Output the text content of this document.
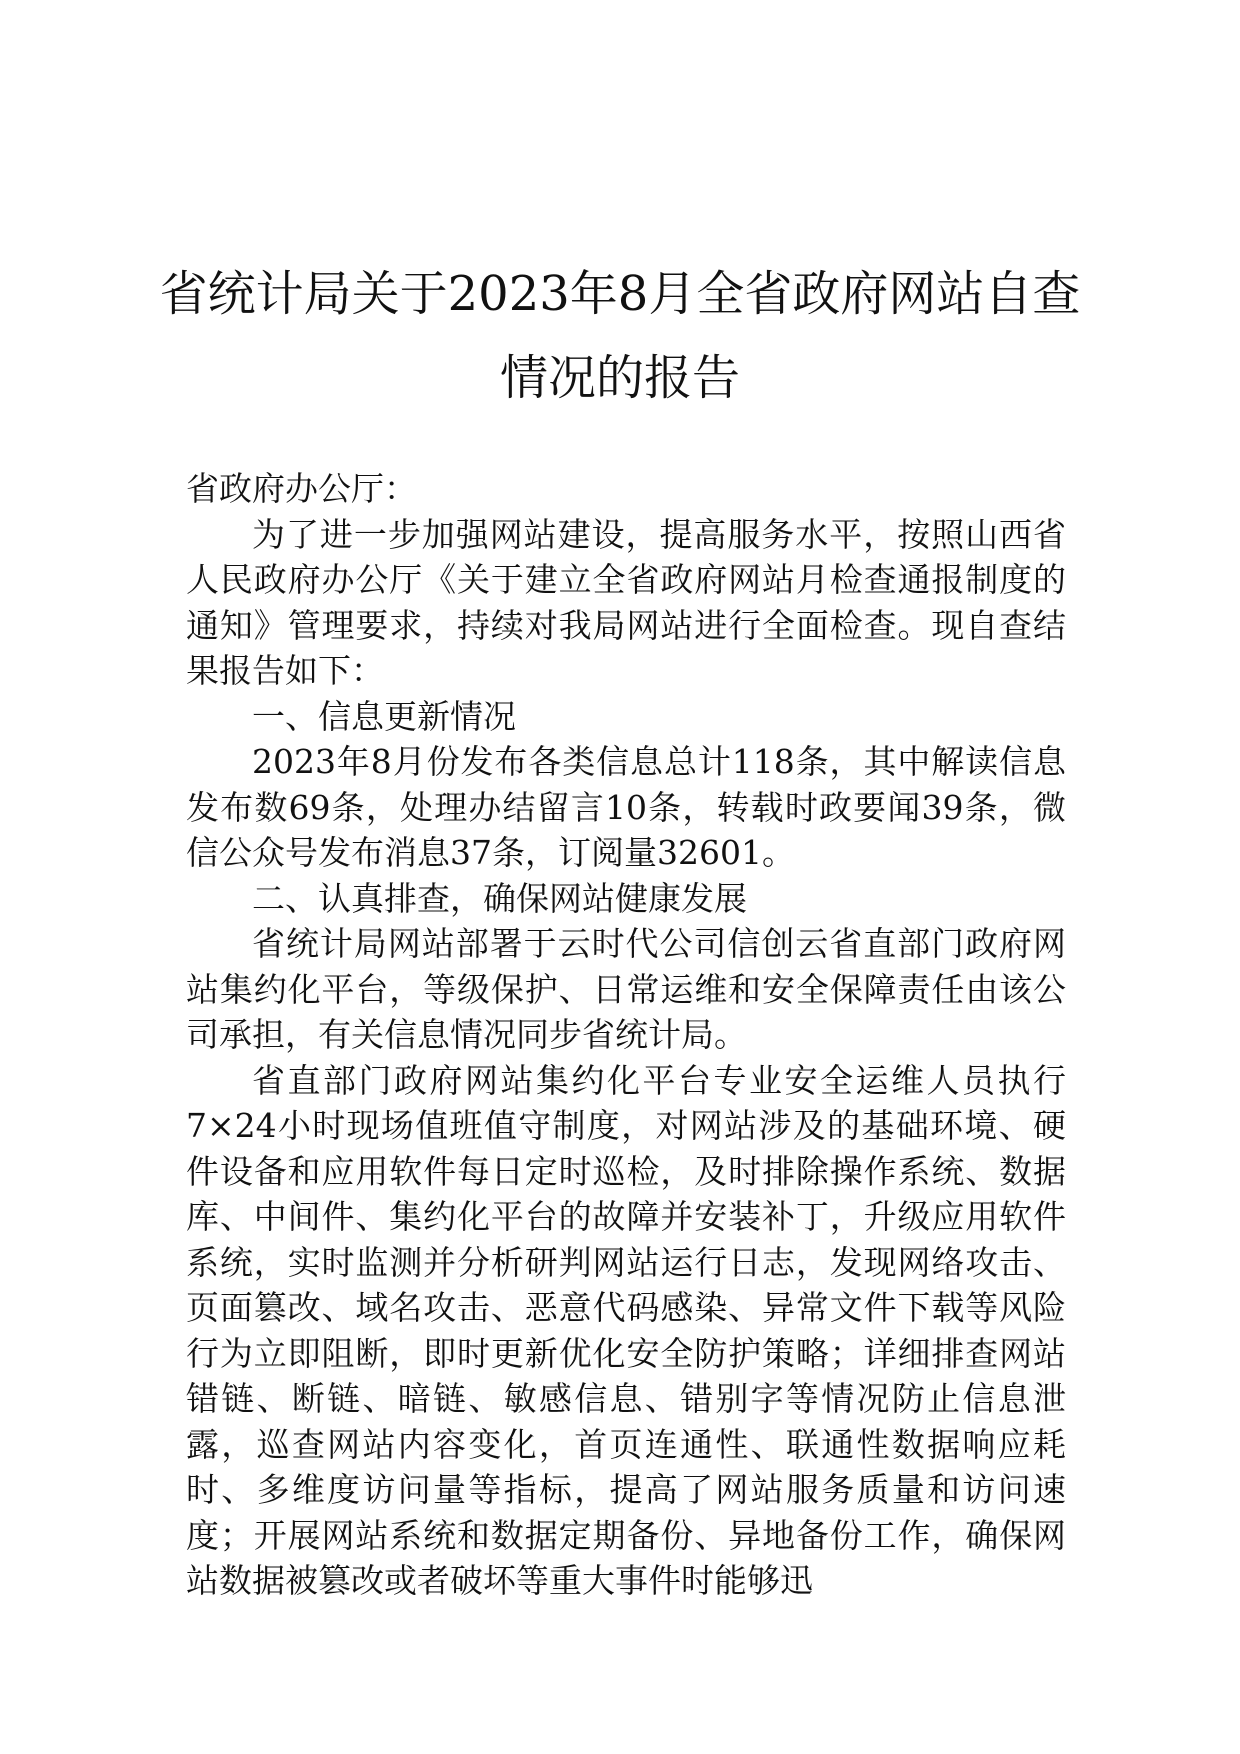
省统计局关于2023年8月全省政府网站自查情况的报告

省政府办公厅：

为了进一步加强网站建设，提高服务水平，按照山西省人民政府办公厅《关于建立全省政府网站月检查通报制度的通知》管理要求，持续对我局网站进行全面检查。现自查结果报告如下：

一、信息更新情况

2023年8月份发布各类信息总计118条，其中解读信息发布数69条，处理办结留言10条，转载时政要闻39条，微信公众号发布消息37条，订阅量32601。

二、认真排查，确保网站健康发展

省统计局网站部署于云时代公司信创云省直部门政府网站集约化平台，等级保护、日常运维和安全保障责任由该公司承担，有关信息情况同步省统计局。

省直部门政府网站集约化平台专业安全运维人员执行7×24小时现场值班值守制度，对网站涉及的基础环境、硬件设备和应用软件每日定时巡检，及时排除操作系统、数据库、中间件、集约化平台的故障并安装补丁，升级应用软件系统，实时监测并分析研判网站运行日志，发现网络攻击、页面篡改、域名攻击、恶意代码感染、异常文件下载等风险行为立即阻断，即时更新优化安全防护策略；详细排查网站错链、断链、暗链、敏感信息、错别字等情况防止信息泄露，巡查网站内容变化，首页连通性、联通性数据响应耗时、多维度访问量等指标，提高了网站服务质量和访问速度；开展网站系统和数据定期备份、异地备份工作，确保网站数据被篡改或者破坏等重大事件时能够迅
